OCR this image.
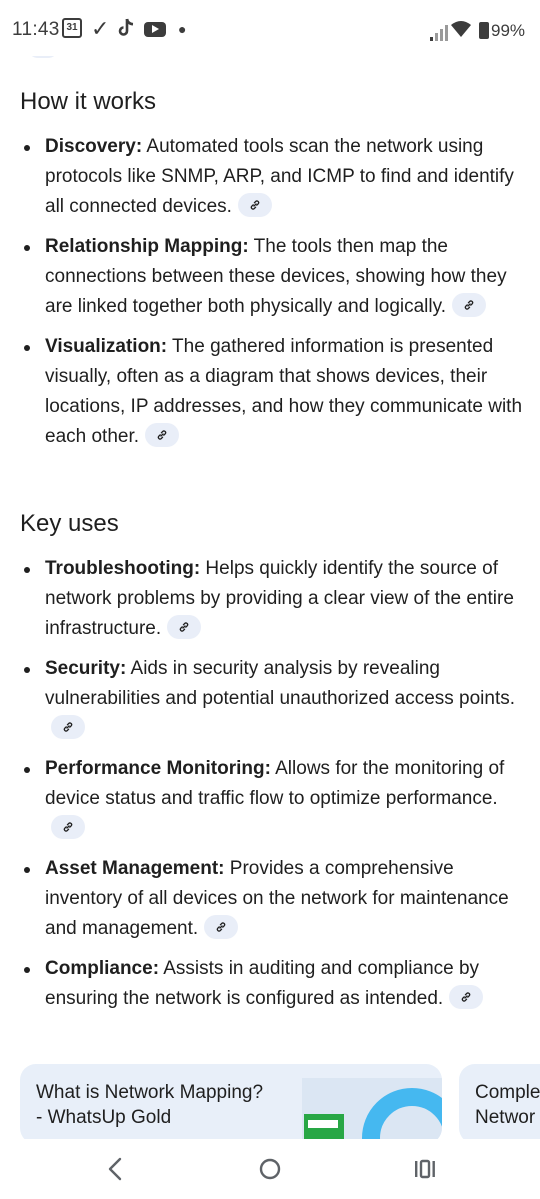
11:43 31 ✓	●	99%
How it works
Discovery: Automated tools scan the network using protocols like SNMP, ARP, and ICMP to find and identify all connected devices.
Relationship Mapping: The tools then map the connections between these devices, showing how they are linked together both physically and logically.
Visualization: The gathered information is presented visually, often as a diagram that shows devices, their locations, IP addresses, and how they communicate with each other.
Key uses
Troubleshooting: Helps quickly identify the source of network problems by providing a clear view of the entire infrastructure.
Security: Aids in security analysis by revealing vulnerabilities and potential unauthorized access points.
Performance Monitoring: Allows for the monitoring of device status and traffic flow to optimize performance.
Asset Management: Provides a comprehensive inventory of all devices on the network for maintenance and management.
Compliance: Assists in auditing and compliance by ensuring the network is configured as intended.
What is Network Mapping?
- WhatsUp Gold
Comple
Networ
